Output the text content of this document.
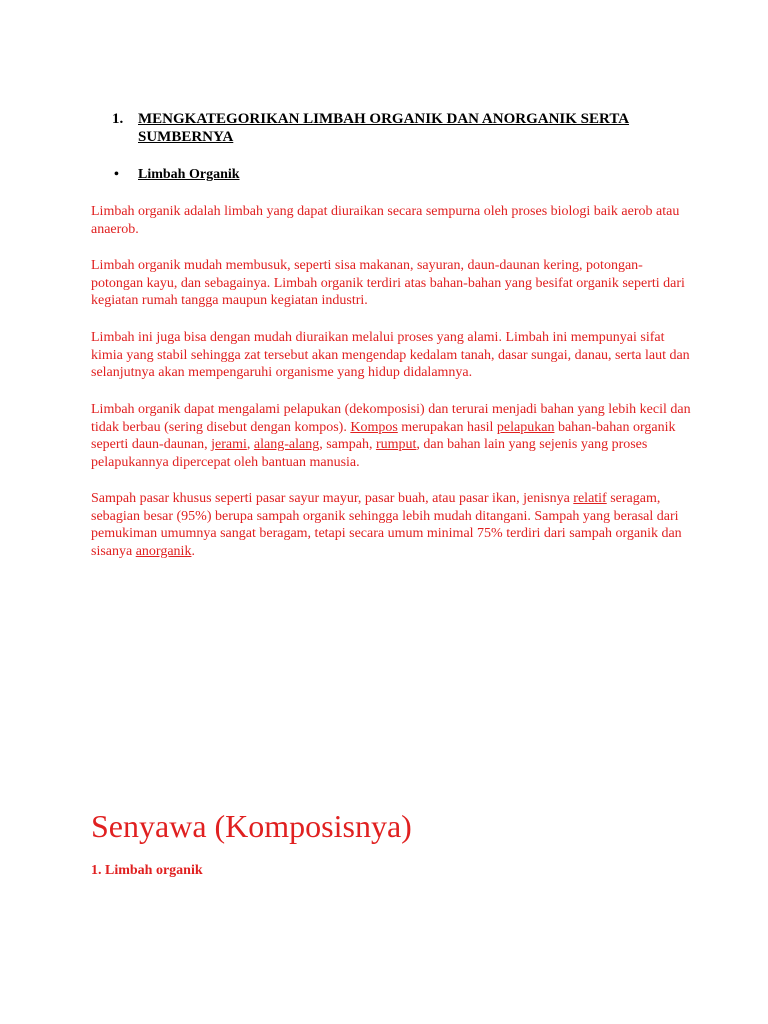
1. MENGKATEGORIKAN LIMBAH ORGANIK DAN ANORGANIK SERTA
SUMBERNYA
• Limbah Organik

Limbah organik adalah limbah yang dapat diuraikan secara sempurna oleh proses biologi baik aerob atau anaerob.

Limbah organik mudah membusuk, seperti sisa makanan, sayuran, daun-daunan kering, potongan-potongan kayu, dan sebagainya. Limbah organik terdiri atas bahan-bahan yang besifat organik seperti dari kegiatan rumah tangga maupun kegiatan industri.

Limbah ini juga bisa dengan mudah diuraikan melalui proses yang alami. Limbah ini mempunyai sifat kimia yang stabil sehingga zat tersebut akan mengendap kedalam tanah, dasar sungai, danau, serta laut dan selanjutnya akan mempengaruhi organisme yang hidup didalamnya.

Limbah organik dapat mengalami pelapukan (dekomposisi) dan terurai menjadi bahan yang lebih kecil dan tidak berbau (sering disebut dengan kompos). Kompos merupakan hasil pelapukan bahan-bahan organik seperti daun-daunan, jerami, alang-alang, sampah, rumput, dan bahan lain yang sejenis yang proses pelapukannya dipercepat oleh bantuan manusia.

Sampah pasar khusus seperti pasar sayur mayur, pasar buah, atau pasar ikan, jenisnya relatif seragam, sebagian besar (95%) berupa sampah organik sehingga lebih mudah ditangani. Sampah yang berasal dari pemukiman umumnya sangat beragam, tetapi secara umum minimal 75% terdiri dari sampah organik dan sisanya anorganik.

Senyawa (Komposisnya)
1. Limbah organik
